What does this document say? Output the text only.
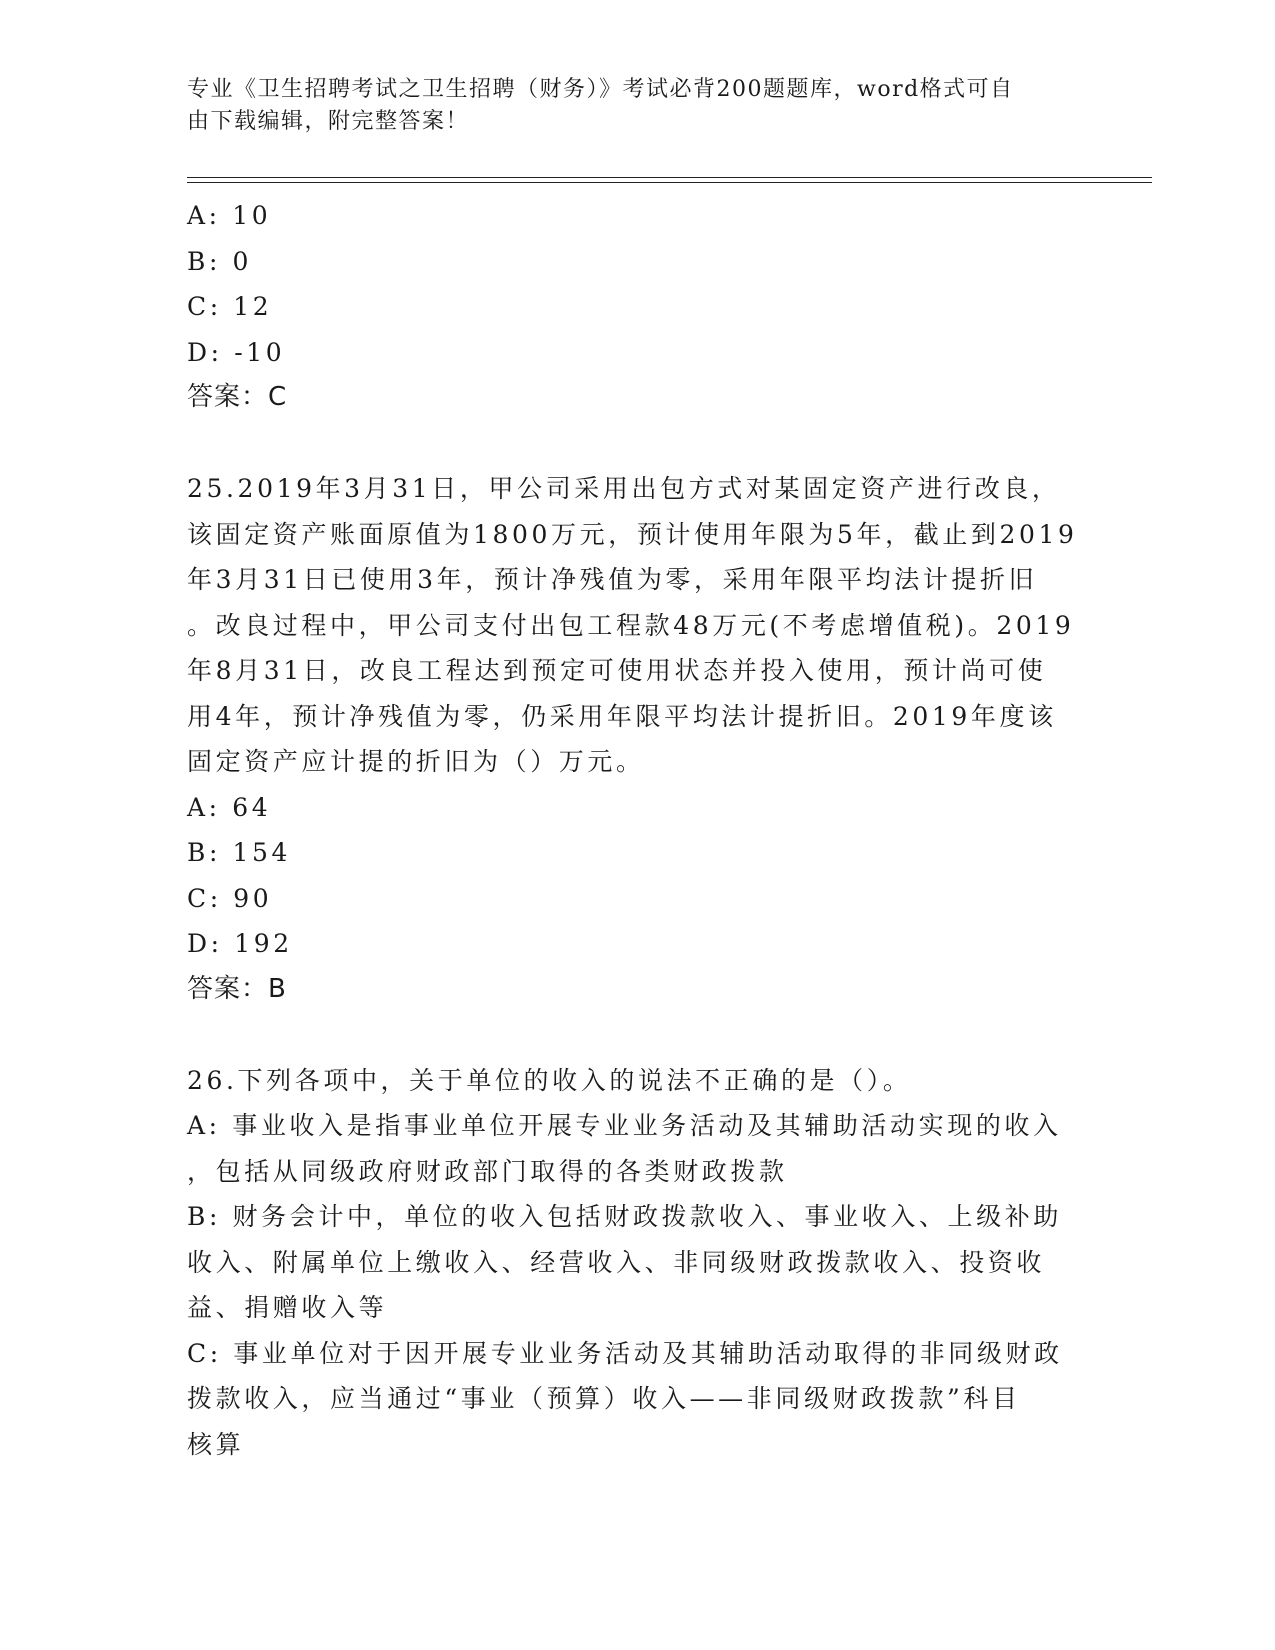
专业《卫生招聘考试之卫生招聘（财务）》考试必背200题题库，word格式可自
由下载编辑，附完整答案！
A: 10
B: 0
C: 12
D: -10
答案：C
25.2019年3月31日，甲公司采用出包方式对某固定资产进行改良，
该固定资产账面原值为1800万元，预计使用年限为5年，截止到2019
年3月31日已使用3年，预计净残值为零，采用年限平均法计提折旧
。改良过程中，甲公司支付出包工程款48万元(不考虑增值税)。2019
年8月31日，改良工程达到预定可使用状态并投入使用，预计尚可使
用4年，预计净残值为零，仍采用年限平均法计提折旧。2019年度该
固定资产应计提的折旧为（）万元。
A: 64
B: 154
C: 90
D: 192
答案：B
26.下列各项中，关于单位的收入的说法不正确的是（）。
A: 事业收入是指事业单位开展专业业务活动及其辅助活动实现的收入
，包括从同级政府财政部门取得的各类财政拨款
B: 财务会计中，单位的收入包括财政拨款收入、事业收入、上级补助
收入、附属单位上缴收入、经营收入、非同级财政拨款收入、投资收
益、捐赠收入等
C: 事业单位对于因开展专业业务活动及其辅助活动取得的非同级财政
拨款收入，应当通过“事业（预算）收入——非同级财政拨款”科目
核算
